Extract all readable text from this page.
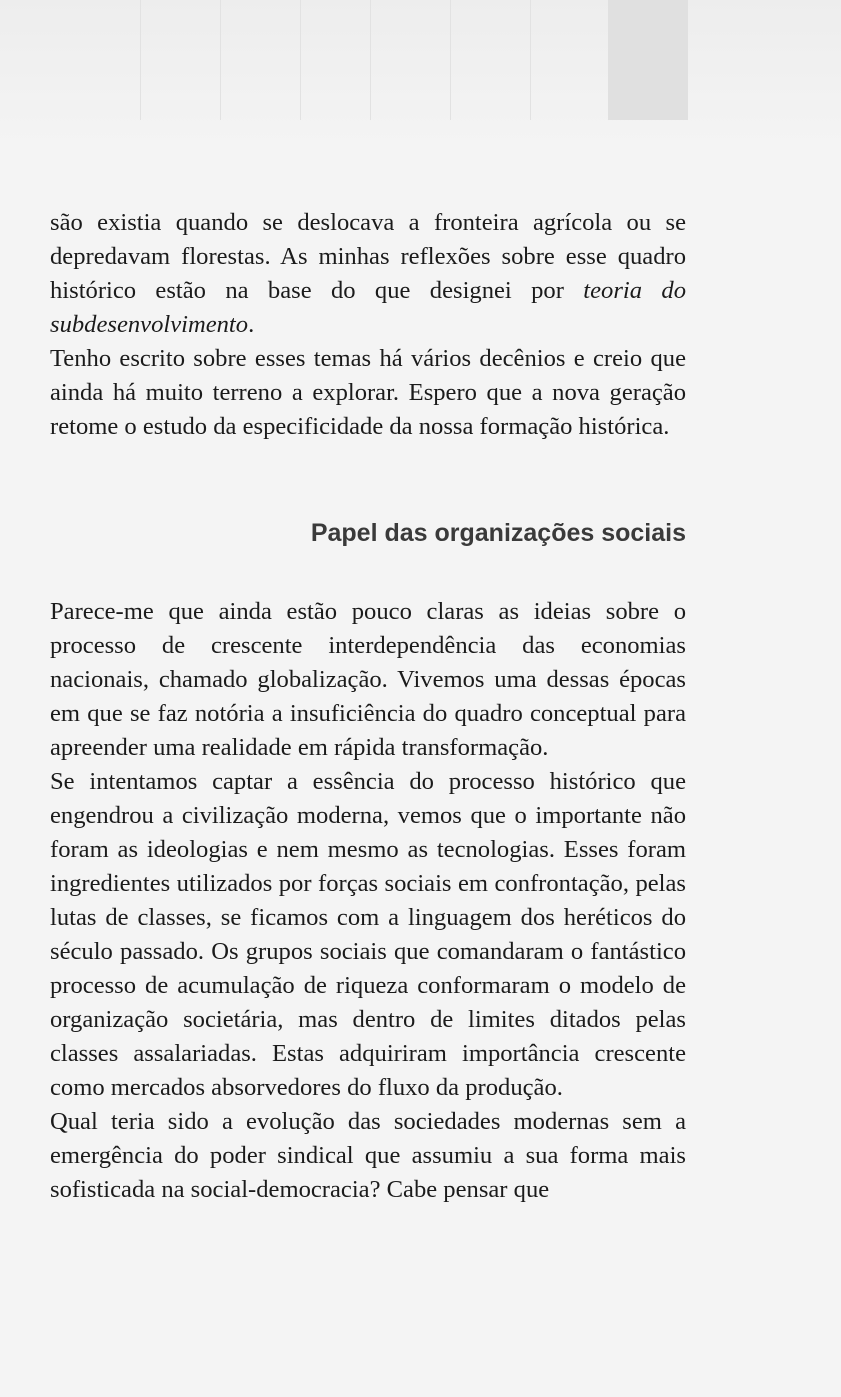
são existia quando se deslocava a fronteira agrícola ou se depredavam florestas. As minhas reflexões sobre esse quadro histórico estão na base do que designei por teoria do subdesenvolvimento.

Tenho escrito sobre esses temas há vários decênios e creio que ainda há muito terreno a explorar. Espero que a nova geração retome o estudo da especificidade da nossa formação histórica.

Papel das organizações sociais

Parece-me que ainda estão pouco claras as ideias sobre o processo de crescente interdependência das economias nacionais, chamado globalização. Vivemos uma dessas épocas em que se faz notória a insuficiência do quadro conceptual para apreender uma realidade em rápida transformação.

Se intentamos captar a essência do processo histórico que engendrou a civilização moderna, vemos que o importante não foram as ideologias e nem mesmo as tecnologias. Esses foram ingredientes utilizados por forças sociais em confrontação, pelas lutas de classes, se ficamos com a linguagem dos heréticos do século passado. Os grupos sociais que comandaram o fantástico processo de acumulação de riqueza conformaram o modelo de organização societária, mas dentro de limites ditados pelas classes assalariadas. Estas adquiriram importância crescente como mercados absorvedores do fluxo da produção.

Qual teria sido a evolução das sociedades modernas sem a emergência do poder sindical que assumiu a sua forma mais sofisticada na social-democracia? Cabe pensar que
